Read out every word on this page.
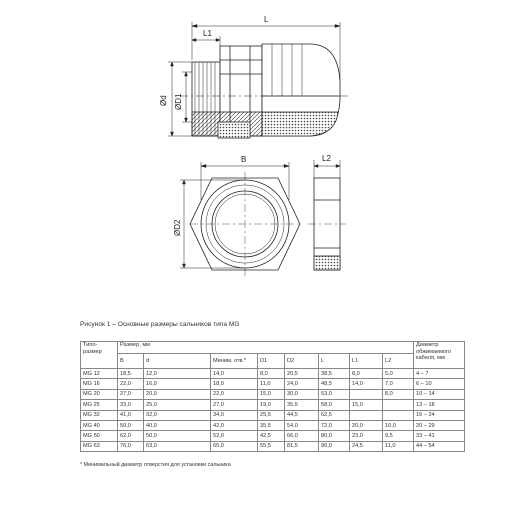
L
L1
Ød ØD1
B
ØD2
L2
Рисунок 1 – Основные размеры сальников типа MG
Типо-размер	Размер, мм								Диаметр обжимаемого кабеля, мм
	B	d	Миним. отв.*	D1	D2	L	L1	L2	
MG 12	18,5	12,0	14,0	8,0	20,5	38,5	8,0	5,0	4 – 7
MG 16	22,0	16,0	18,0	11,0	24,0	48,5	14,0	7,0	6 – 10
MG 20	27,0	20,0	22,0	15,0	30,0	53,0		8,0	10 – 14
MG 25	33,0	25,0	27,0	19,0	35,5	58,0	15,0		13 – 18
MG 32	41,0	32,0	34,0	25,5	44,5	62,5			16 – 24
MG 40	50,0	40,0	42,0	35,5	54,0	72,0	20,0	10,0	20 – 29
MG 50	62,0	50,0	52,0	42,5	66,0	80,0	23,0	9,5	33 – 41
MG 63	76,0	63,0	65,0	55,5	81,5	90,0	24,5	11,0	44 – 54
* Минимальный диаметр отверстия для установки сальника
